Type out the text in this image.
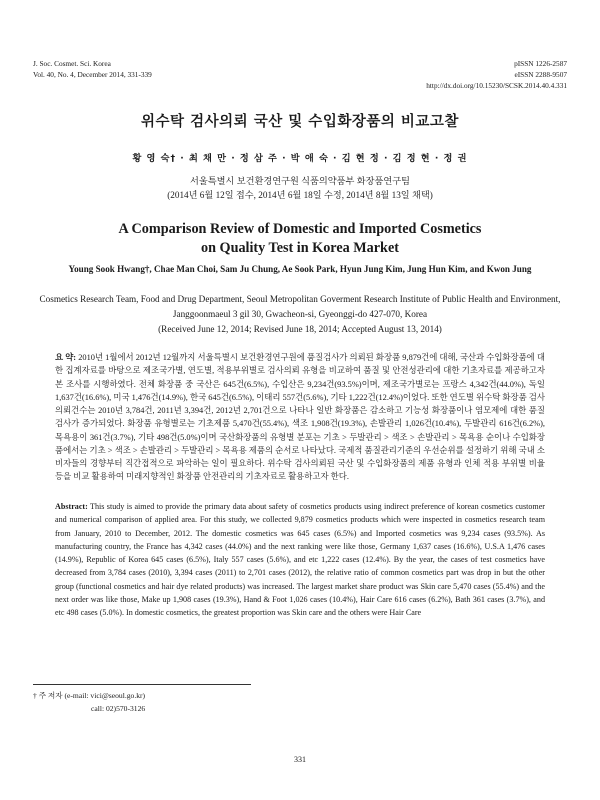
J. Soc. Cosmet. Sci. Korea
Vol. 40, No. 4, December 2014, 331-339
pISSN 1226-2587
eISSN 2288-9507
http://dx.doi.org/10.15230/SCSK.2014.40.4.331
위수탁 검사의뢰 국산 및 수입화장품의 비교고찰
황 영 숙† · 최 채 만 · 정 삼 주 · 박 애 숙 · 김 현 정 · 김 정 현 · 정 권
서울특별시 보건환경연구원 식품의약품부 화장품연구팀
(2014년 6월 12일 접수, 2014년 6월 18일 수정, 2014년 8월 13일 채택)
A Comparison Review of Domestic and Imported Cosmetics
on Quality Test in Korea Market
Young Sook Hwang†, Chae Man Choi, Sam Ju Chung, Ae Sook Park, Hyun Jung Kim, Jung Hun Kim, and Kwon Jung
Cosmetics Research Team, Food and Drug Department, Seoul Metropolitan Goverment Research Institute of Public Health and Environment, Janggoonmaeul 3 gil 30, Gwacheon-si, Gyeonggi-do 427-070, Korea
(Received June 12, 2014; Revised June 18, 2014; Accepted August 13, 2014)
요 약: 2010년 1월에서 2012년 12월까지 서울특별시 보건환경연구원에 품질검사가 의뢰된 화장품 9,879건에 대해, 국산과 수입화장품에 대한 집계자료를 바탕으로 제조국가별, 연도별, 적용부위별로 검사의뢰 유형을 비교하여 품질 및 안전성관리에 대한 기초자료를 제공하고자 본 조사를 시행하였다. 전체 화장품 중 국산은 645건(6.5%), 수입산은 9,234건(93.5%)이며, 제조국가별로는 프랑스 4,342건(44.0%), 독일 1,637건(16.6%), 미국 1,476건(14.9%), 한국 645건(6.5%), 이태리 557건(5.6%), 기타 1,222건(12.4%)이었다. 또한 연도별 위수탁 화장품 검사의뢰건수는 2010년 3,784건, 2011년 3,394건, 2012년 2,701건으로 나타나 일반 화장품은 감소하고 기능성 화장품이나 염모제에 대한 품질 검사가 증가되었다. 화장품 유형별로는 기초제품 5,470건(55.4%), 색조 1,908건(19.3%), 손발관리 1,026건(10.4%), 두발관리 616건(6.2%), 목욕용이 361건(3.7%), 기타 498건(5.0%)이며 국산화장품의 유형별 분포는 기초 > 두발관리 > 색조 > 손발관리 > 목욕용 순이나 수입화장품에서는 기초 > 색조 > 손발관리 > 두발관리 > 목욕용 제품의 순서로 나타났다. 국제적 품질관리기준의 우선순위를 설정하기 위해 국내 소비자들의 경향부터 직간접적으로 파악하는 일이 필요하다. 위수탁 검사의뢰된 국산 및 수입화장품의 제품 유형과 인체 적용 부위별 비율 등을 비교 활용하여 미래지향적인 화장품 안전관리의 기초자료로 활용하고자 한다.
Abstract: This study is aimed to provide the primary data about safety of cosmetics products using indirect preference of korean cosmetics customer and numerical comparison of applied area. For this study, we collected 9,879 cosmetics products which were inspected in cosmetics research team from January, 2010 to December, 2012. The domestic cosmetics was 645 cases (6.5%) and Imported cosmetics was 9,234 cases (93.5%). As manufacturing country, the France has 4,342 cases (44.0%) and the next ranking were like those, Germany 1,637 cases (16.6%), U.S.A 1,476 cases (14.9%), Republic of Korea 645 cases (6.5%), Italy 557 cases (5.6%), and etc 1,222 cases (12.4%). By the year, the cases of test cosmetics have decreased from 3,784 cases (2010), 3,394 cases (2011) to 2,701 cases (2012), the relative ratio of common cosmetics part was drop in but the other group (functional cosmetics and hair dye related products) was increased. The largest market share product was Skin care 5,470 cases (55.4%) and the next order was like those, Make up 1,908 cases (19.3%), Hand & Foot 1,026 cases (10.4%), Hair Care 616 cases (6.2%), Bath 361 cases (3.7%), and etc 498 cases (5.0%). In domestic cosmetics, the greatest proportion was Skin care and the others were Hair Care
† 주 저자 (e-mail: vici@seoul.go.kr)
call: 02)570-3126
331
